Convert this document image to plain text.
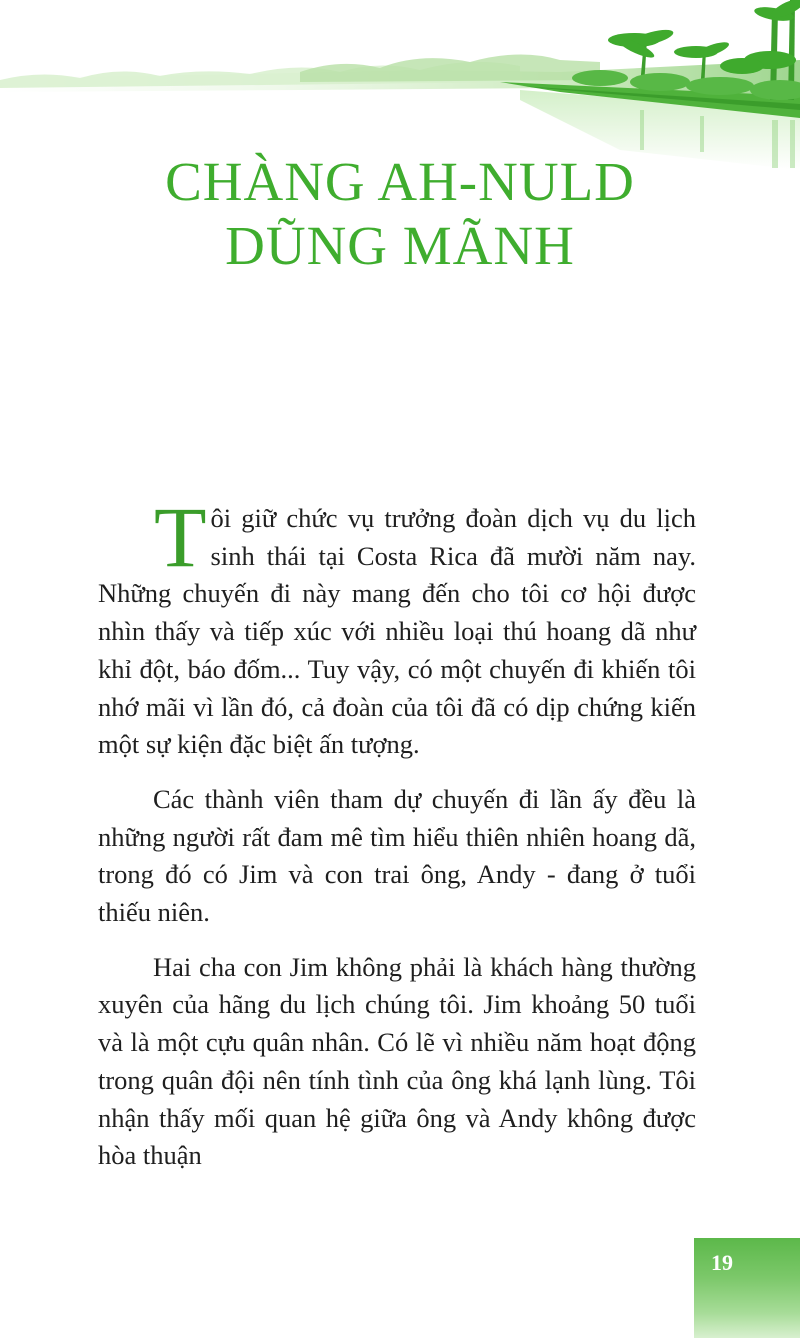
CHÀNG AH-NULD
DŨNG MÃNH

Tôi giữ chức vụ trưởng đoàn dịch vụ du lịch sinh thái tại Costa Rica đã mười năm nay. Những chuyến đi này mang đến cho tôi cơ hội được nhìn thấy và tiếp xúc với nhiều loại thú hoang dã như khỉ đột, báo đốm... Tuy vậy, có một chuyến đi khiến tôi nhớ mãi vì lần đó, cả đoàn của tôi đã có dịp chứng kiến một sự kiện đặc biệt ấn tượng.

Các thành viên tham dự chuyến đi lần ấy đều là những người rất đam mê tìm hiểu thiên nhiên hoang dã, trong đó có Jim và con trai ông, Andy - đang ở tuổi thiếu niên.

Hai cha con Jim không phải là khách hàng thường xuyên của hãng du lịch chúng tôi. Jim khoảng 50 tuổi và là một cựu quân nhân. Có lẽ vì nhiều năm hoạt động trong quân đội nên tính tình của ông khá lạnh lùng. Tôi nhận thấy mối quan hệ giữa ông và Andy không được hòa thuận

19
